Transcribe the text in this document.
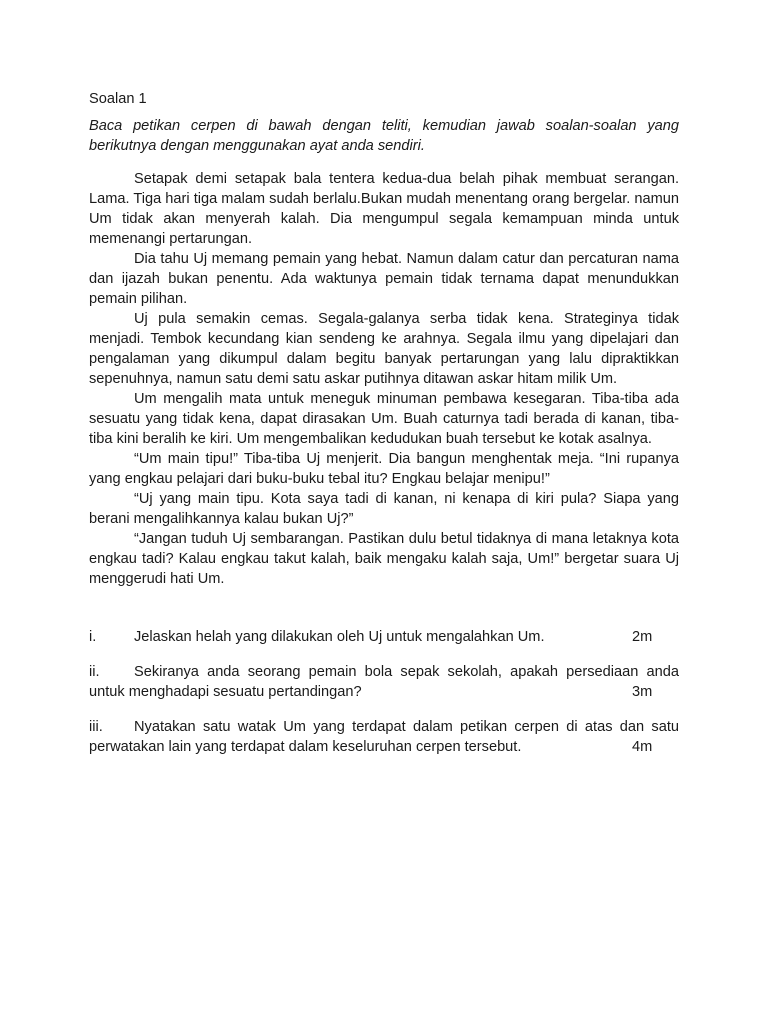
Soalan 1

Baca petikan cerpen di bawah dengan teliti, kemudian jawab soalan-soalan yang berikutnya dengan menggunakan ayat anda sendiri.

Setapak demi setapak bala tentera kedua-dua belah pihak membuat serangan. Lama. Tiga hari tiga malam sudah berlalu.Bukan mudah menentang orang bergelar. namun Um tidak akan menyerah kalah. Dia mengumpul segala kemampuan minda untuk memenangi pertarungan.

Dia tahu Uj memang pemain yang hebat. Namun dalam catur dan percaturan nama dan ijazah bukan penentu. Ada waktunya pemain tidak ternama dapat menundukkan pemain pilihan.

Uj pula semakin cemas. Segala-galanya serba tidak kena. Strateginya tidak menjadi. Tembok kecundang kian sendeng ke arahnya. Segala ilmu yang dipelajari dan pengalaman yang dikumpul dalam begitu banyak pertarungan yang lalu dipraktikkan sepenuhnya, namun satu demi satu askar putihnya ditawan askar hitam milik Um.

Um mengalih mata untuk meneguk minuman pembawa kesegaran. Tiba-tiba ada sesuatu yang tidak kena, dapat dirasakan Um. Buah caturnya tadi berada di kanan, tiba-tiba kini beralih ke kiri. Um mengembalikan kedudukan buah tersebut ke kotak asalnya.

“Um main tipu!” Tiba-tiba Uj menjerit. Dia bangun menghentak meja. “Ini rupanya yang engkau pelajari dari buku-buku tebal itu? Engkau belajar menipu!”

“Uj yang main tipu. Kota saya tadi di kanan, ni kenapa di kiri pula? Siapa yang berani mengalihkannya kalau bukan Uj?”

“Jangan tuduh Uj sembarangan. Pastikan dulu betul tidaknya di mana letaknya kota engkau tadi? Kalau engkau takut kalah, baik mengaku kalah saja, Um!” bergetar suara Uj menggerudi hati Um.

i.	Jelaskan helah yang dilakukan oleh Uj untuk mengalahkan Um.	2m
ii.	Sekiranya anda seorang pemain bola sepak sekolah, apakah persediaan anda
untuk menghadapi sesuatu pertandingan?	3m
iii.	Nyatakan satu watak Um yang terdapat dalam petikan cerpen di atas dan satu
perwatakan lain yang terdapat dalam keseluruhan cerpen tersebut.	4m
